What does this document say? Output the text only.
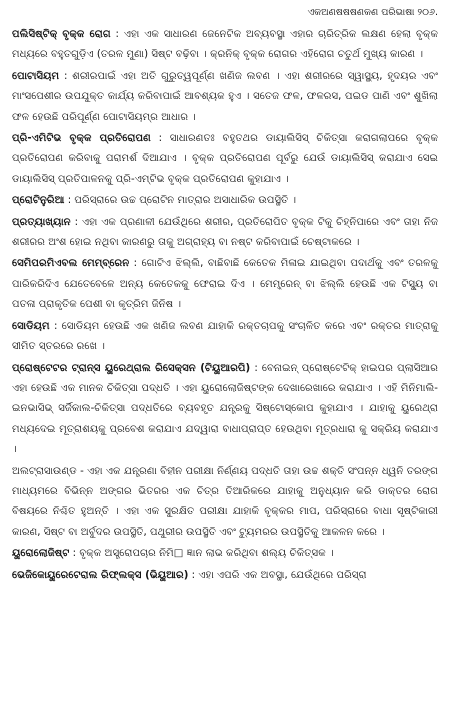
ଏକଅଣଷଷଷଣକଣ ପରିଭାଷା ୨୦୬.

ପଲିସିଷ୍ଟିକ୍ ବୃକ୍କ ରୋଗ : ଏହା ଏକ ସାଧାରଣ ଜେନେଟିକ ଅବ୍ୟବସ୍ଥା ଏହାର ଚାରିତ୍ରିକ ଲକ୍ଷଣ ହେଲା ବୃକ୍କ ମଧ୍ୟରେ ବହୁତଗୁଡ଼ିଏ (ତରଳ ମୁଣା) ସିଷ୍ଟ ବଢ଼ିବା । କ୍ରନିକ୍ ବୃକ୍କ ରୋଗର ଏହିରୋଗ ଚତୁର୍ଥ ମୁଖ୍ୟ କାରଣ ।

ପୋଟାସିୟମ : ଶରୀରପାଇଁ ଏହା ଅତି ଗୁରୁତ୍ୱପୂର୍ଣ୍ଣ ଖଣିଜ ଲବଣ । ଏହା ଶରୀରରେ ସ୍ୱାସ୍ଥ୍ୟ, ହୃଦୟର ଏବଂ ମାଂସପେଶୀର ଉପଯୁକ୍ତ କାର୍ଯ୍ୟ କରିବାପାଇଁ ଆବଶ୍ୟକ ହୁଏ । ସତେଜ ଫଳ, ଫଳରସ, ପଇଡ ପାଣି ଏବଂ ଶୁଖିଲା ଫଳ ହେଉଛି ପରିପୂର୍ଣ୍ଣ ପୋଟାସିୟମ୍‌ର ଆଧାର ।

ପ୍ରି-ଏମିଟିଭ ବୃକ୍କ ପ୍ରତିରୋପଣ : ସାଧାରଣତଃ ବହୁତଥର ଡାୟାଲିସିସ୍ ଚିକିତ୍ସା କରାଗଲାପରେ ବୃକ୍କ ପ୍ରତିରୋପଣ କରିବାକୁ ପରାମର୍ଶ ଦିଆଯାଏ । ବୃକ୍କ ପ୍ରତିରୋପଣ ପୂର୍ବରୁ ଯେଉଁ ଡାୟାଲିସିସ୍ କରାଯାଏ ସେଇ ଡାୟାଲିସିସ୍ ପ୍ରତିପାଳନକୁ ପ୍ରି-ଏମ୍‌ଟିଭ ବୃକ୍କ ପ୍ରତିରୋପଣ କୁହାଯାଏ ।

ପ୍ରୋଟିନୁରିଆ : ପରିସ୍ରାରେ ଉଚ୍ଚ ପ୍ରୋଟିନ ମାତ୍ରାର ଅସାଧାରିକ ଉପସ୍ଥିତି ।

ପ୍ରତ୍ୟାଖ୍ୟାନ : ଏହା ଏକ ପ୍ରଣାଳୀ ଯେଉଁଥିରେ ଶରୀର, ପ୍ରତିରୋପିତ ବୃକ୍କ ଟିକୁ ଚିହ୍ନିପାରେ ଏବଂ ତାହା ନିଜ ଶରୀରର ଅଂଶ ହୋଇ ନଥିବା କାରଣରୁ ତାକୁ ଅଗ୍ରାହ୍ୟ ବା ନଷ୍ଟ କରିବାପାଇଁ ଚେଷ୍ଟାକରେ ।

ସେମିପରମିଏବଲ ମେମ୍‌ବ୍ରେନ : ଗୋଟିଏ ଝିଲ୍ଲି, ବାଛିବାଛି କେତେକ ମିଳାଇ ଯାଇଥିବା ପଦାର୍ଥକୁ ଏବଂ ତରଳକୁ ପାରିକରିଦିଏ ଯେତେବେଳେ ଅନ୍ୟ କେତେକକୁ ଫେରାଇ ଦିଏ । ମେମ୍ବ୍ରେନ୍ ବା ଝିଲ୍ଲି ହେଉଛି ଏକ ଟିସ୍ୟୁ ବା ପତଳା ପ୍ରାକୃତିକ ପେଶୀ ବା କୃତ୍ରିମ ଜିନିଷ ।

ସୋଡିୟମ : ସୋଡିୟମ ହେଉଛି ଏକ ଖଣିଜ ଲବଣ ଯାହାକି ରକ୍ତଚାପକୁ ସଂଚାଳିତ କରେ ଏବଂ ରକ୍ତର ମାତ୍ରାକୁ ସୀମିତ ସ୍ତରରେ ରଖେ ।

ପ୍ରୋଷ୍ଟେଟର ଟ୍ରାନ୍ସ ୟୁରେଥ୍ରାଲ ରିସେକ୍ସନ (ଟିୟୁଆରପି) : ବେନାଇନ୍ ପ୍ରୋଷ୍ଟେଟିକ୍ ହାଇପର ପ୍ଲାସିଆର ଏହା ହେଉଛି ଏକ ମାନକ ଚିକିତ୍ସା ପଦ୍ଧତି । ଏହା ୟୁରୋଲୋଜିଷ୍ଟଙ୍କ ଦେଖାରେଖାରେ କରାଯାଏ । ଏହି ମିନିମାଲି-ଇନଭାସିଭ୍ ସର୍ଜିକାଲ-ଚିକିତ୍ସା ପଦ୍ଧତିରେ ବ୍ୟବହୃତ ଯନ୍ତ୍ରକୁ ସିଷ୍ଟୋସ୍କୋପ କୁହାଯାଏ । ଯାହାକୁ ୟୁରେଥ୍ରା ମଧ୍ୟଦେଇ ମୂତ୍ରାଶୟକୁ ପ୍ରବେଶ କରାଯାଏ ଯଦ୍ୱାରା ବାଧାପ୍ରାପ୍ତ ହେଉଥିବା ମୂତ୍ରଧାରା କୁ ସକ୍ରିୟ କରାଯାଏ ।

ଅଲଟ୍ରାସାଉଣ୍ଡ - ଏହା ଏକ ଯନ୍ତ୍ରଣା ବିହୀନ ପରୀକ୍ଷା ନିର୍ଣ୍ଣୟ ପଦ୍ଧତି ତାହା ଉଚ୍ଚ ଶକ୍ତି ସଂପନ୍ନ ଧ୍ୱନି ତରଙ୍ଗ ମାଧ୍ୟମରେ ବିଭିନ୍ନ ଅଙ୍ଗର ଭିତରର ଏକ ଚିତ୍ର ତିଆରିକରେ ଯାହାକୁ ଅନୁଧ୍ୟାନ କରି ଡାକ୍ତର ରୋଗ ବିଷୟରେ ନିଶ୍ଚିତ ହୁଅନ୍ତି । ଏହା ଏକ ସୁରକ୍ଷିତ ପରୀକ୍ଷା ଯାହାକି ବୃକ୍କର ମାପ, ପରିସ୍ରାରେ ବାଧା ସୃଷ୍ଟିକାରୀ କାରଣ, ସିଷ୍ଟ ବା ଅର୍ବୁଦର ଉପସ୍ଥିତି, ପଥୁରୀର ଉପସ୍ଥିତି ଏବଂ ଟ୍ୟୁମରର ଉପସ୍ଥିତିକୁ ଆକଳନ କରେ ।

ୟୁରୋଲୋଜିଷ୍ଟ : ବୃକ୍କ ଅସ୍ତ୍ରୋପଚାର ନିମି□ ଜ୍ଞାନ ଲାଭ କରିଥିବା ଶଲ୍ୟ ଚିକିତ୍ସକ ।

ଭେଜିକୋୟୁରେଟେରାଲ ରିଫ୍ଲକ୍ସ (ଭିୟୁଆର) : ଏହା ଏପରି ଏକ ଅବସ୍ଥା, ଯେଉଁଥିରେ ପରିସ୍ରା
